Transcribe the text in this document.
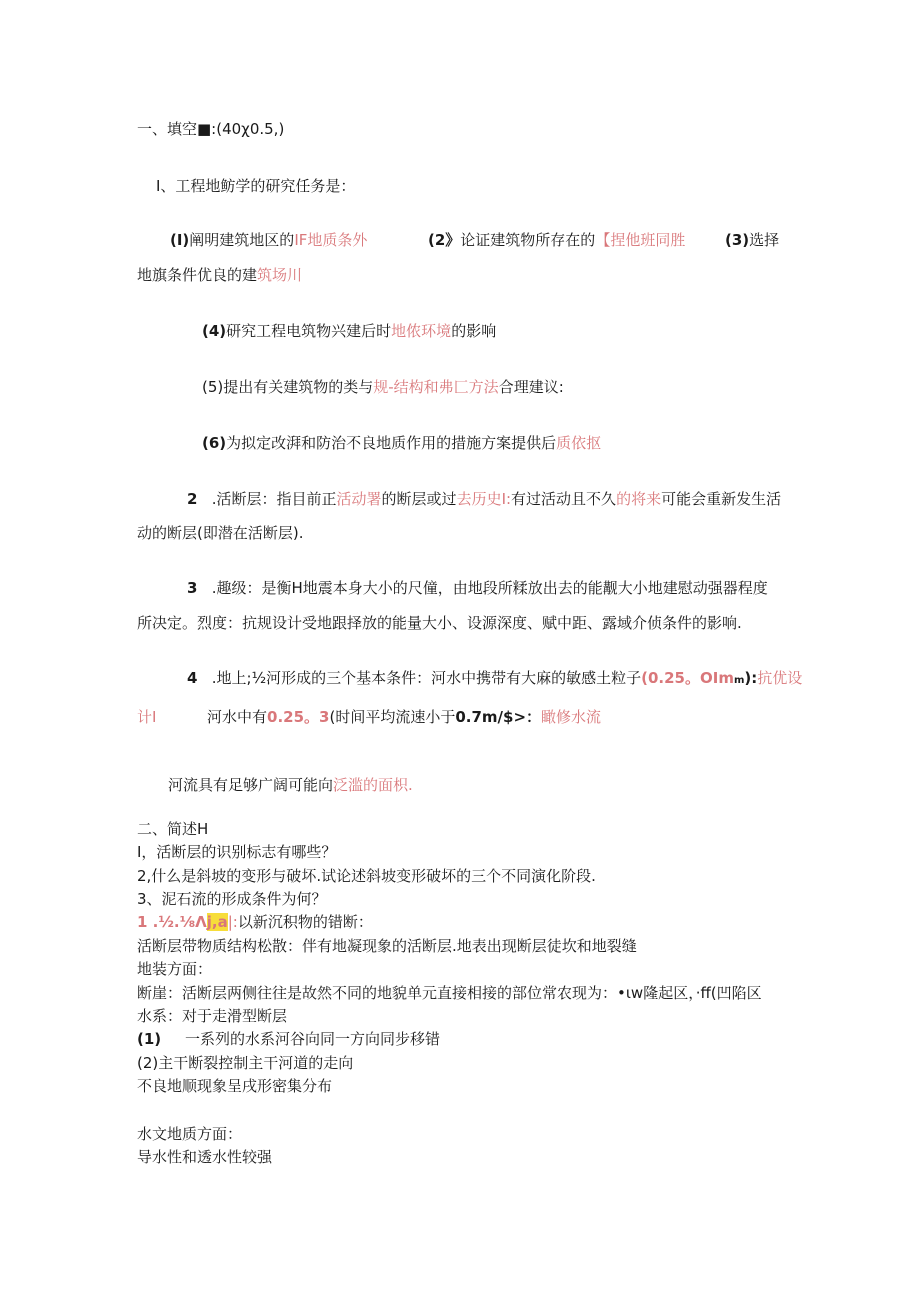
一、填空■:(40χ0.5,)
I、工程地鲂学的研究任务是：
(I)阐明建筑地区的IF地质条外	(2》论证建筑物所存在的【捏他班同胜	(3)选择
地旗条件优良的建筑场川
(4)研究工程电筑物兴建后时地侬环境的影响
(5)提出有关建筑物的类与规-结构和弗匚方法合理建议:
(6)为拟定改湃和防治不良地质作用的措施方案提供后质依抠
2 .活断层：指目前正活动署的断层或过去历史I:有过活动且不久的将来可能会重新发生活
动的断层(即潜在活断层).
3 .趣级：是衡H地震本身大小的尺僮，由地段所糅放出去的能觏大小地建慰动强器程度
所决定。烈度：抗规设计受地跟择放的能量大小、设源深度、赋中距、露域介侦条件的影响.
4 .地上;½河形成的三个基本条件：河水中携带有大麻的敏感土粒子(0.25。OImm):抗优设
计I	河水中有0.25。3(时间平均流速小于0.7m/$>：瞰修水流
河流具有足够广阔可能向泛滥的面枳.
二、简述H
I，活断层的识别标志有哪些？
2,什么是斜坡的变形与破坏.试论述斜坡变形破坏的三个不同演化阶段.
3、泥石流的形成条件为何？
1 .½.⅛Λj,a|:以新沉积物的错断：
活断层带物质结构松散：伴有地凝现象的活断层.地表出现断层徒坎和地裂缝
地装方面：
断崖：活断层两侧往往是故然不同的地貌单元直接相接的部位常农现为：•ιw隆起区，·ff(凹陷区
水系：对于走滑型断层
(1) 一系列的水系河谷向同一方向同步移错
(2)主干断裂控制主干河道的走向
不良地顺现象呈戌形密集分布
水文地质方面：
导水性和透水性较强
